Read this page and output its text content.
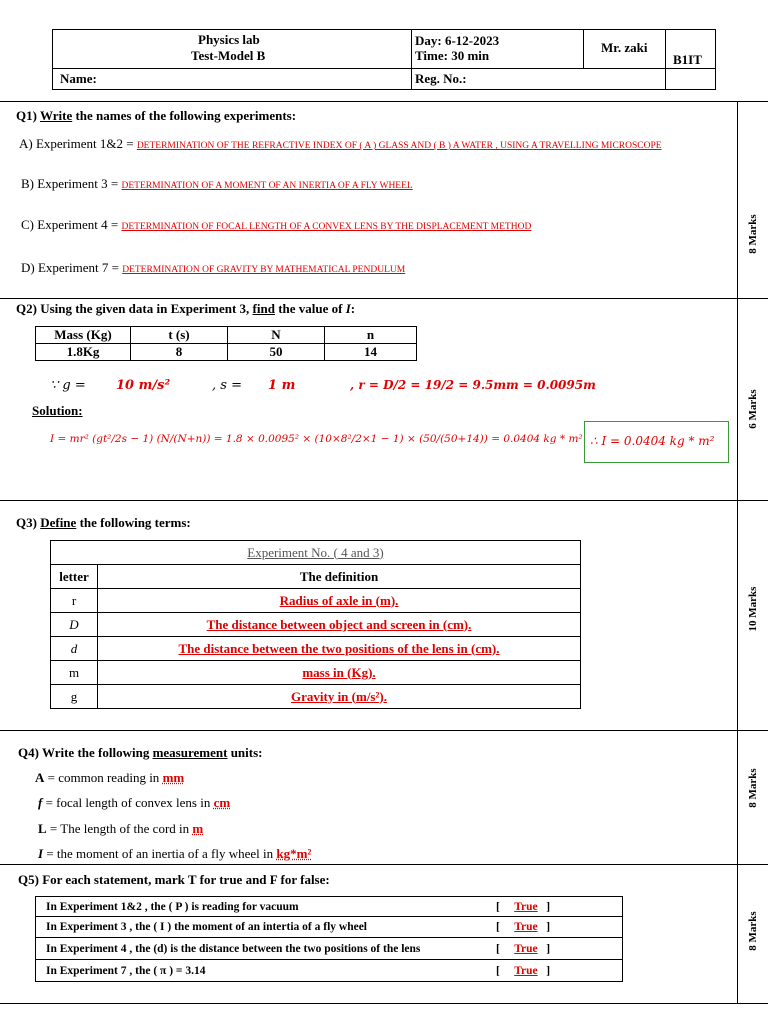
Physics lab
Test-Model B
Day: 6-12-2023
Time: 30 min
Mr. zaki
B1IT
Name:	Reg. No.:
Q1) Write the names of the following experiments:
A) Experiment 1&2 = DETERMINATION OF THE REFRACTIVE INDEX OF ( A ) GLASS AND ( B ) A WATER , USING A TRAVELLING MICROSCOPE
B) Experiment 3 = DETERMINATION OF A MOMENT OF AN INERTIA OF A FLY WHEEL
C) Experiment 4 = DETERMINATION OF FOCAL LENGTH OF A CONVEX LENS BY THE DISPLACEMENT METHOD
D) Experiment 7 = DETERMINATION OF GRAVITY BY MATHEMATICAL PENDULUM
8 Marks
Q2) Using the given data in Experiment 3, find the value of I:
Mass (Kg)	t (s)	N	n
1.8Kg	8	50	14
∵ g = 10 m/s²	, s = 1 m	, r = D/2 = 19/2 = 9.5mm = 0.0095m
Solution:
I = mr² (gt²/2s − 1) (N/(N+n)) = 1.8 × 0.0095² × (10×8²/2×1 − 1) × (50/(50+14)) = 0.0404 kg * m² ∴ I = 0.0404 kg * m²
6 Marks
Q3) Define the following terms:
Experiment No. ( 4 and 3)	
letter	The definition
r	Radius of axle in (m).
D	The distance between object and screen in (cm).
d	The distance between the two positions of the lens in (cm).
m	mass in (Kg).
g	Gravity in (m/s²).
10 Marks
Q4) Write the following measurement units:
A = common reading in mm
f = focal length of convex lens in cm
L = The length of the cord in m
I = the moment of an inertia of a fly wheel in kg*m²
8 Marks
Q5) For each statement, mark T for true and F for false:
In Experiment 1&2 , the ( P ) is reading for vacuum	[     True   ]
In Experiment 3 , the ( I ) the moment of an intertia of a fly wheel	[     True   ]
In Experiment 4 , the (d) is the distance between the two positions of the lens	[     True   ]
In Experiment 7 , the ( π ) = 3.14	[     True   ]
8 Marks
